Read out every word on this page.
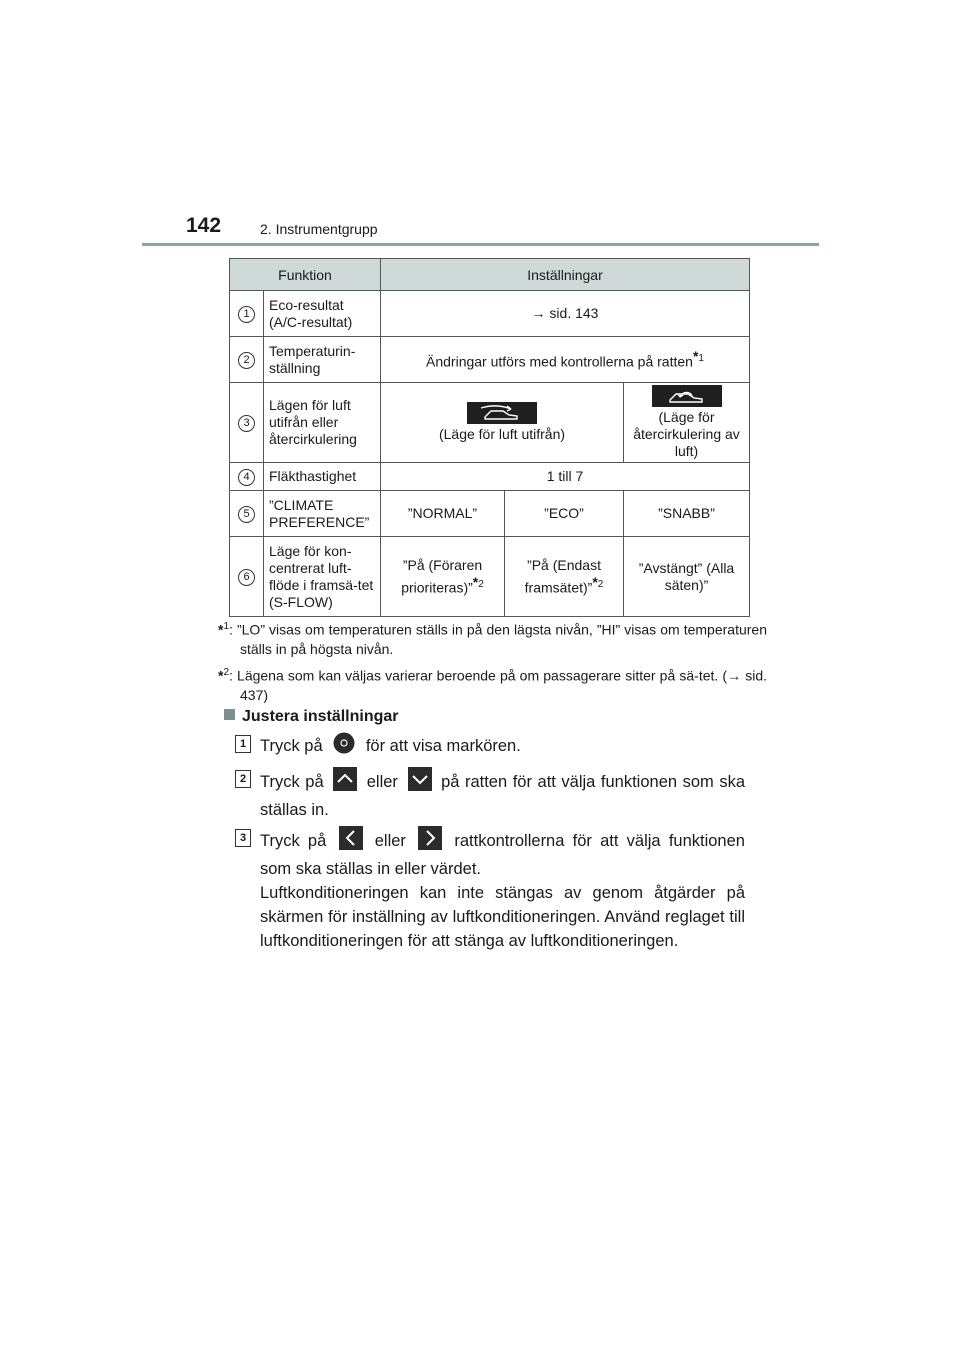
142	2. Instrumentgrupp
Funktion		Inställningar		
1	Eco-resultat (A/C-resultat)	→ sid. 143		
2	Temperaturin-ställning	Ändringar utförs med kontrollerna på ratten$^{*1}$
3	Lägen för luft utifrån eller återcirkulering	(Läge för luft utifrån)		(Läge för återcirkulering av luft)

4	Fläkthastighet	1 till 7		
5	”CLIMATE PREFERENCE”	”NORMAL”	”ECO”	”SNABB”
6	Läge för kon-centrerat luft-flöde i framsä-tet (S-FLOW)	”På (Föraren prioriteras)”$^{*2}$	”På (Endast framsätet)”$^{*2}$	”Avstängt” (Alla säten)”
*$^1$: ”LO” visas om temperaturen ställs in på den lägsta nivån, ”HI” visas om temperaturen ställs in på högsta nivån.
*$^2$: Lägena som kan väljas varierar beroende på om passagerare sitter på sä-tet. (→ sid. 437)
Justera inställningar
1 Tryck på	för att visa markören.
2 Tryck på	eller	på ratten för att välja funktionen som ska ställas in.
3 Tryck på	eller	rattkontrollerna för att välja funktionen som ska ställas in eller värdet.
Luftkonditioneringen kan inte stängas av genom åtgärder på skärmen för inställning av luftkonditioneringen. Använd reglaget till luftkonditioneringen för att stänga av luftkonditioneringen.
